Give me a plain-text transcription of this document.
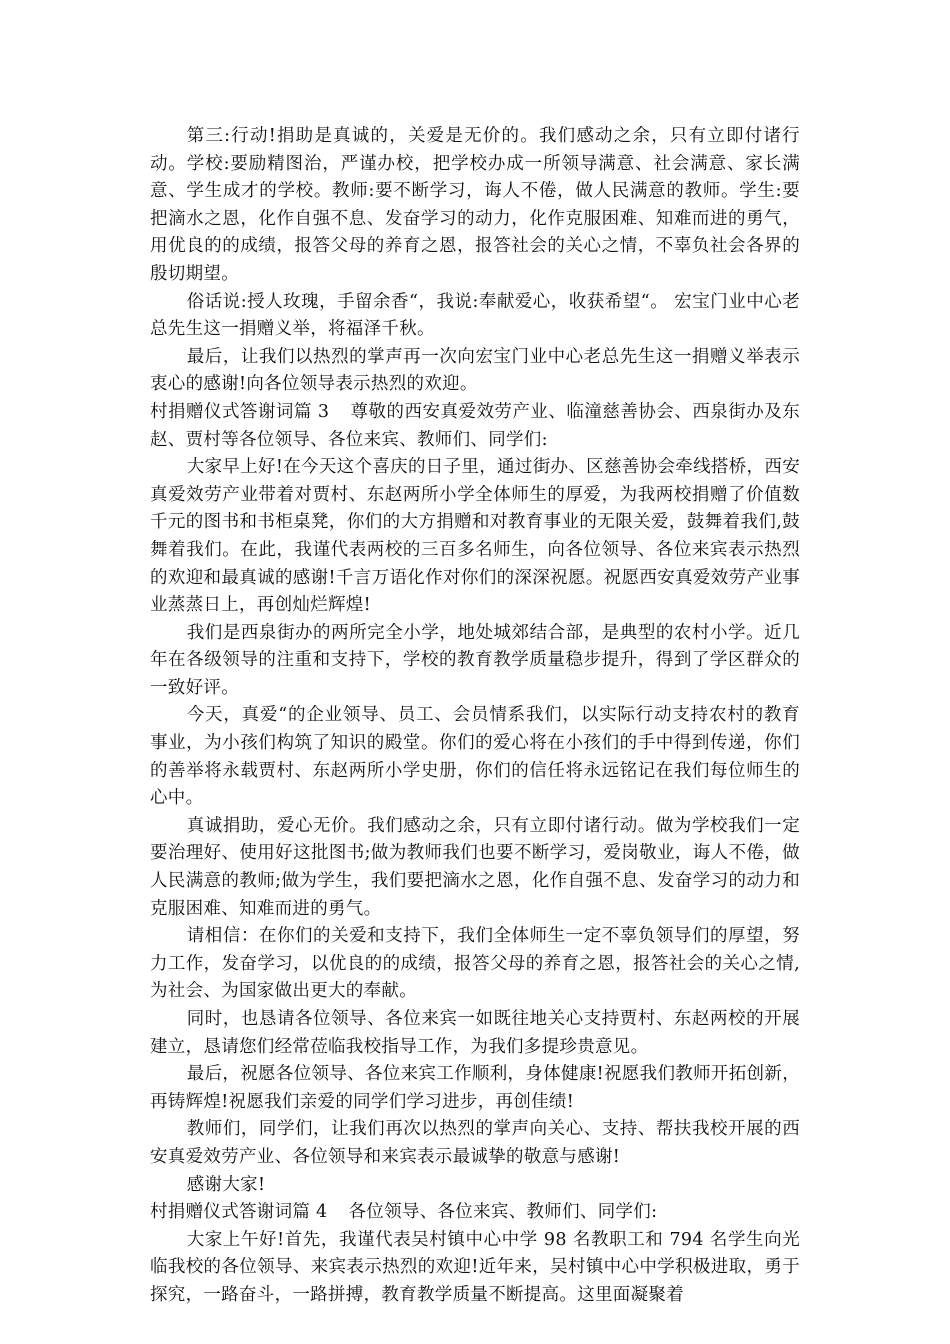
第三:行动!捐助是真诚的，关爱是无价的。我们感动之余，只有立即付诸行动。学校:要励精图治，严谨办校，把学校办成一所领导满意、社会满意、家长满意、学生成才的学校。教师:要不断学习，诲人不倦，做人民满意的教师。学生:要把滴水之恩，化作自强不息、发奋学习的动力，化作克服困难、知难而进的勇气，用优良的的成绩，报答父母的养育之恩，报答社会的关心之情，不辜负社会各界的殷切期望。

俗话说:授人玫瑰，手留余香“，我说:奉献爱心，收获希望“。 宏宝门业中心老总先生这一捐赠义举，将福泽千秋。

最后，让我们以热烈的掌声再一次向宏宝门业中心老总先生这一捐赠义举表示衷心的感谢!向各位领导表示热烈的欢迎。

村捐赠仪式答谢词篇 3 尊敬的西安真爱效劳产业、临潼慈善协会、西泉街办及东赵、贾村等各位领导、各位来宾、教师们、同学们:

大家早上好!在今天这个喜庆的日子里，通过街办、区慈善协会牵线搭桥，西安真爱效劳产业带着对贾村、东赵两所小学全体师生的厚爱，为我两校捐赠了价值数千元的图书和书柜桌凳，你们的大方捐赠和对教育事业的无限关爱，鼓舞着我们,鼓舞着我们。在此，我谨代表两校的三百多名师生，向各位领导、各位来宾表示热烈的欢迎和最真诚的感谢!千言万语化作对你们的深深祝愿。祝愿西安真爱效劳产业事业蒸蒸日上，再创灿烂辉煌!

我们是西泉街办的两所完全小学，地处城郊结合部，是典型的农村小学。近几年在各级领导的注重和支持下，学校的教育教学质量稳步提升，得到了学区群众的一致好评。

今天，真爱“的企业领导、员工、会员情系我们，以实际行动支持农村的教育事业，为小孩们构筑了知识的殿堂。你们的爱心将在小孩们的手中得到传递，你们的善举将永载贾村、东赵两所小学史册，你们的信任将永远铭记在我们每位师生的心中。

真诚捐助，爱心无价。我们感动之余，只有立即付诸行动。做为学校我们一定要治理好、使用好这批图书;做为教师我们也要不断学习，爱岗敬业，诲人不倦，做人民满意的教师;做为学生，我们要把滴水之恩，化作自强不息、发奋学习的动力和克服困难、知难而进的勇气。

请相信：在你们的关爱和支持下，我们全体师生一定不辜负领导们的厚望，努力工作，发奋学习，以优良的的成绩，报答父母的养育之恩，报答社会的关心之情,为社会、为国家做出更大的奉献。

同时，也恳请各位领导、各位来宾一如既往地关心支持贾村、东赵两校的开展建立，恳请您们经常莅临我校指导工作，为我们多提珍贵意见。

最后，祝愿各位领导、各位来宾工作顺利，身体健康!祝愿我们教师开拓创新，再铸辉煌!祝愿我们亲爱的同学们学习进步，再创佳绩!

教师们，同学们，让我们再次以热烈的掌声向关心、支持、帮扶我校开展的西安真爱效劳产业、各位领导和来宾表示最诚挚的敬意与感谢!

感谢大家!

村捐赠仪式答谢词篇 4 各位领导、各位来宾、教师们、同学们:

大家上午好!首先，我谨代表吴村镇中心中学 98 名教职工和 794 名学生向光临我校的各位领导、来宾表示热烈的欢迎!近年来，吴村镇中心中学积极进取，勇于探究，一路奋斗，一路拼搏，教育教学质量不断提高。这里面凝聚着
